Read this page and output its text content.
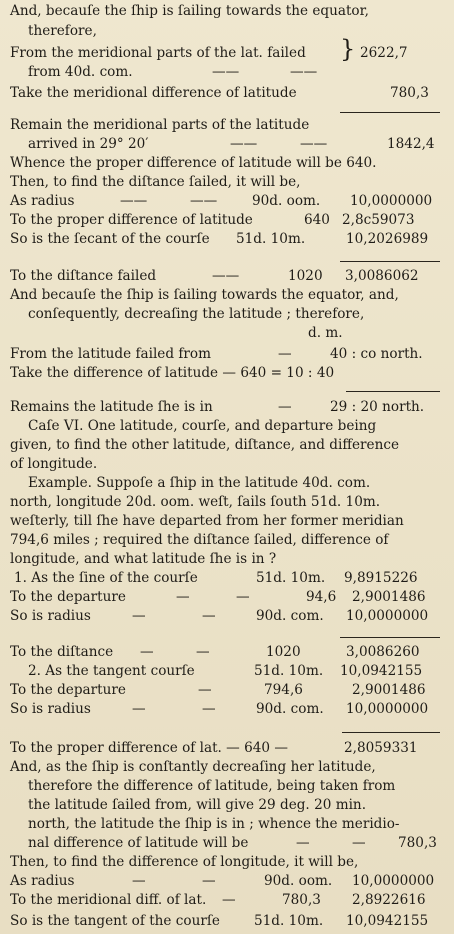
And, becauſe the ſhip is ſailing towards the equator,
therefore,
From the meridional parts of the lat. failed } 2622,7
from 40d. com.	——	——
Take the meridional difference of latitude	780,3
Remain the meridional parts of the latitude
arrived in 29° 20′	——	——	1842,4
Whence the proper difference of latitude will be 640.
Then, to find the diſtance ſailed, it will be,
As radius	——	——	90d. oom. 10,0000000
To the proper difference of latitude	640 2,8c59073
So is the ſecant of the courſe 51d. 10m.	10,2026989
To the diſtance failed	——	1020 3,0086062
And becauſe the ſhip is ſailing towards the equator, and,
conſequently, decreaſing the latitude ; therefore,
d. m.
From the latitude failed from	—	40 : co north.
Take the difference of latitude — 640 = 10 : 40
Remains the latitude ſhe is in	—	29 : 20 north.
Caſe VI. One latitude, courſe, and departure being
given, to find the other latitude, diſtance, and difference
of longitude.
Example. Suppoſe a ſhip in the latitude 40d. com.
north, longitude 20d. oom. weſt, ſails ſouth 51d. 10m.
weſterly, till ſhe have departed from her former meridian
794,6 miles ; required the diſtance ſailed, difference of
longitude, and what latitude ſhe is in ?
1. As the ſine of the courſe	51d. 10m. 9,8915226
To the departure	—	—	94,6 2,9001486
So is radius	—	—	90d. com. 10,0000000
To the diſtance —	—	1020	3,0086260
2. As the tangent courſe	51d. 10m. 10,0942155
To the departure	—	794,6	2,9001486
So is radius	—	—	90d. com. 10,0000000
To the proper difference of lat. — 640 —	2,8059331
And, as the ſhip is conſtantly decreaſing her latitude,
therefore the difference of latitude, being taken from
the latitude ſailed from, will give 29 deg. 20 min.
north, the latitude the ſhip is in ; whence the meridio-
nal difference of latitude will be	—	— 780,3
Then, to find the difference of longitude, it will be,
As radius	—	—	90d. oom. 10,0000000
To the meridional diff. of lat. —	780,3 2,8922616
So is the tangent of the courſe	51d. 10m. 10,0942155
